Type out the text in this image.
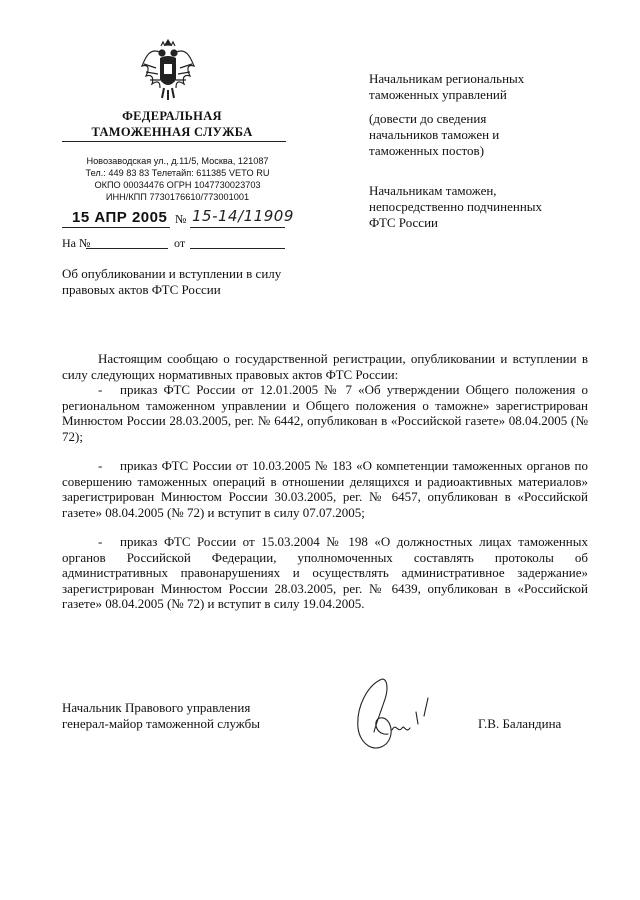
ФЕДЕРАЛЬНАЯ
ТАМОЖЕННАЯ СЛУЖБА
Новозаводская ул., д.11/5, Москва, 121087
Тел.: 449 83 83 Телетайп: 611385 VETO RU
ОКПО 00034476 ОГРН 1047730023703
ИНН/КПП 7730176610/773001001
15 АПР 2005 № 15-14/11909
На №	от
Об опубликовании и вступлении в силу правовых актов ФТС России
Начальникам региональных
таможенных управлений
(довести до сведения
начальников таможен и
таможенных постов)
Начальникам таможен,
непосредственно подчиненных
ФТС России
Настоящим сообщаю о государственной регистрации, опубликовании и вступлении в силу следующих нормативных правовых актов ФТС России:
- приказ ФТС России от 12.01.2005 № 7 «Об утверждении Общего положения о региональном таможенном управлении и Общего положения о таможне» зарегистрирован Минюстом России 28.03.2005, рег. № 6442, опубликован в «Российской газете» 08.04.2005 (№ 72);
- приказ ФТС России от 10.03.2005 № 183 «О компетенции таможенных органов по совершению таможенных операций в отношении делящихся и радиоактивных материалов» зарегистрирован Минюстом России 30.03.2005, рег. № 6457, опубликован в «Российской газете» 08.04.2005 (№ 72) и вступит в силу 07.07.2005;
- приказ ФТС России от 15.03.2004 № 198 «О должностных лицах таможенных органов Российской Федерации, уполномоченных составлять протоколы об административных правонарушениях и осуществлять административное задержание» зарегистрирован Минюстом России 28.03.2005, рег. № 6439, опубликован в «Российской газете» 08.04.2005 (№ 72) и вступит в силу 19.04.2005.
Начальник Правового управления
генерал-майор таможенной службы	Г.В. Баландина
